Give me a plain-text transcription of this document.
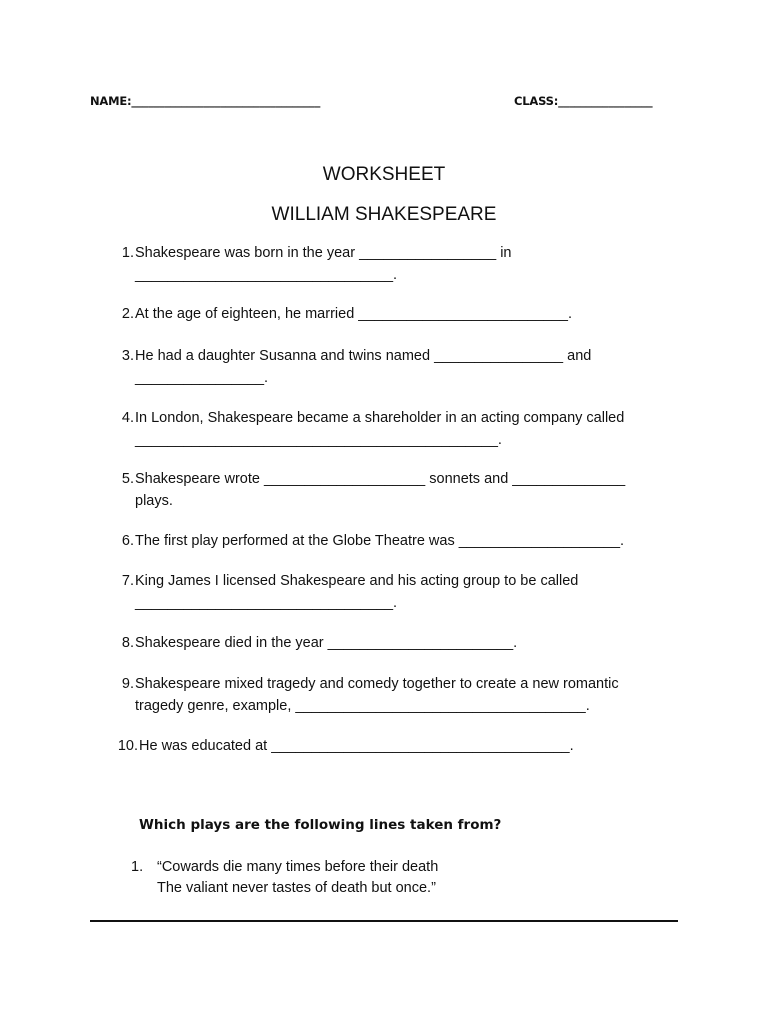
NAME:__________________________________	CLASS:_________________
WORKSHEET
WILLIAM SHAKESPEARE
1. Shakespeare was born in the year _________________ in
________________________________.
2. At the age of eighteen, he married __________________________.
3. He had a daughter Susanna and twins named ________________ and
________________.
4. In London, Shakespeare became a shareholder in an acting company called
_____________________________________________.
5. Shakespeare wrote ____________________ sonnets and ______________
plays.
6. The first play performed at the Globe Theatre was ____________________.
7. King James I licensed Shakespeare and his acting group to be called
________________________________.
8. Shakespeare died in the year _______________________.
9. Shakespeare mixed tragedy and comedy together to create a new romantic
tragedy genre, example, ____________________________________.
10. He was educated at _____________________________________.
Which plays are the following lines taken from?
1. “Cowards die many times before their death
The valiant never tastes of death but once.”
